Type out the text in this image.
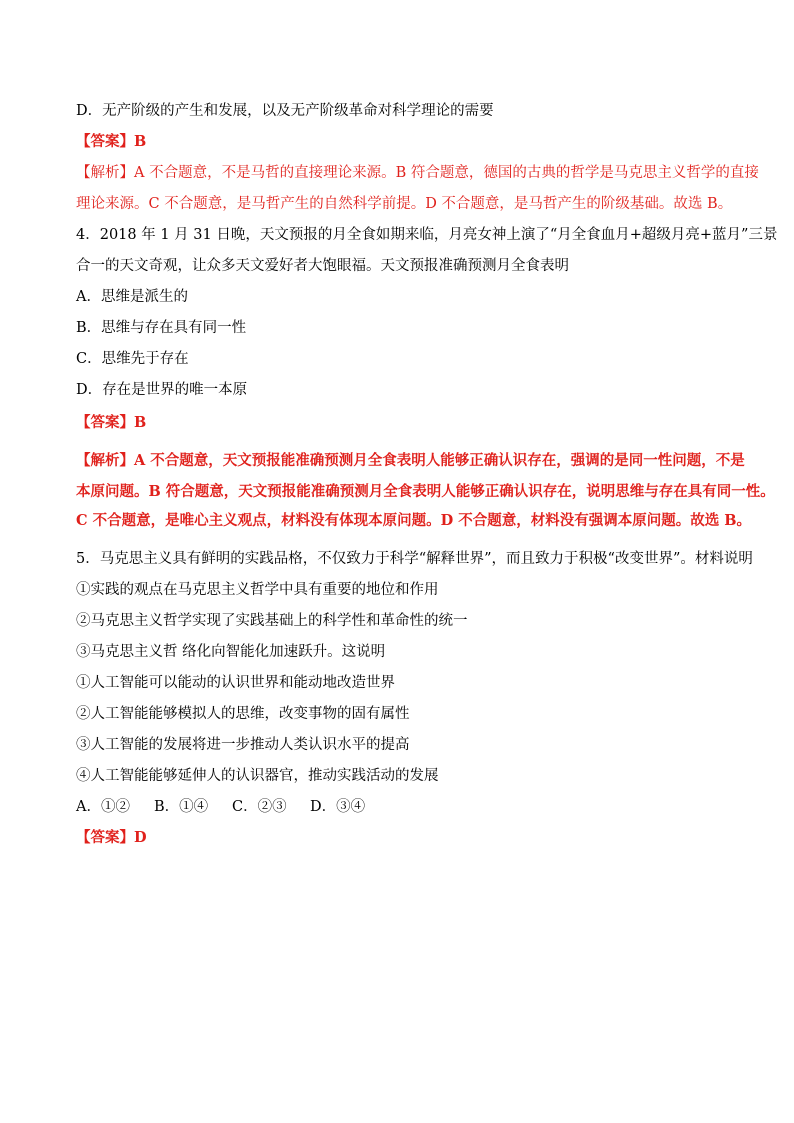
D．无产阶级的产生和发展，以及无产阶级革命对科学理论的需要
【答案】B
【解析】A 不合题意，不是马哲的直接理论来源。B 符合题意，德国的古典的哲学是马克思主义哲学的直接
理论来源。C 不合题意，是马哲产生的自然科学前提。D 不合题意，是马哲产生的阶级基础。故选 B。
4．2018 年 1 月 31 日晚，天文预报的月全食如期来临，月亮女神上演了“月全食血月+超级月亮+蓝月”三景
合一的天文奇观，让众多天文爱好者大饱眼福。天文预报准确预测月全食表明
A．思维是派生的
B．思维与存在具有同一性
C．思维先于存在
D．存在是世界的唯一本原
【答案】B
【解析】A 不合题意，天文预报能准确预测月全食表明人能够正确认识存在，强调的是同一性问题，不是
本原问题。B 符合题意，天文预报能准确预测月全食表明人能够正确认识存在，说明思维与存在具有同一性。
C 不合题意，是唯心主义观点，材料没有体现本原问题。D 不合题意，材料没有强调本原问题。故选 B。
5．马克思主义具有鲜明的实践品格，不仅致力于科学“解释世界”，而且致力于积极“改变世界”。材料说明
①实践的观点在马克思主义哲学中具有重要的地位和作用
②马克思主义哲学实现了实践基础上的科学性和革命性的统一
③马克思主义哲 络化向智能化加速跃升。这说明
①人工智能可以能动的认识世界和能动地改造世界
②人工智能能够模拟人的思维，改变事物的固有属性
③人工智能的发展将进一步推动人类认识水平的提高
④人工智能能够延伸人的认识器官，推动实践活动的发展
A．①② B．①④ C．②③ D．③④
【答案】D
